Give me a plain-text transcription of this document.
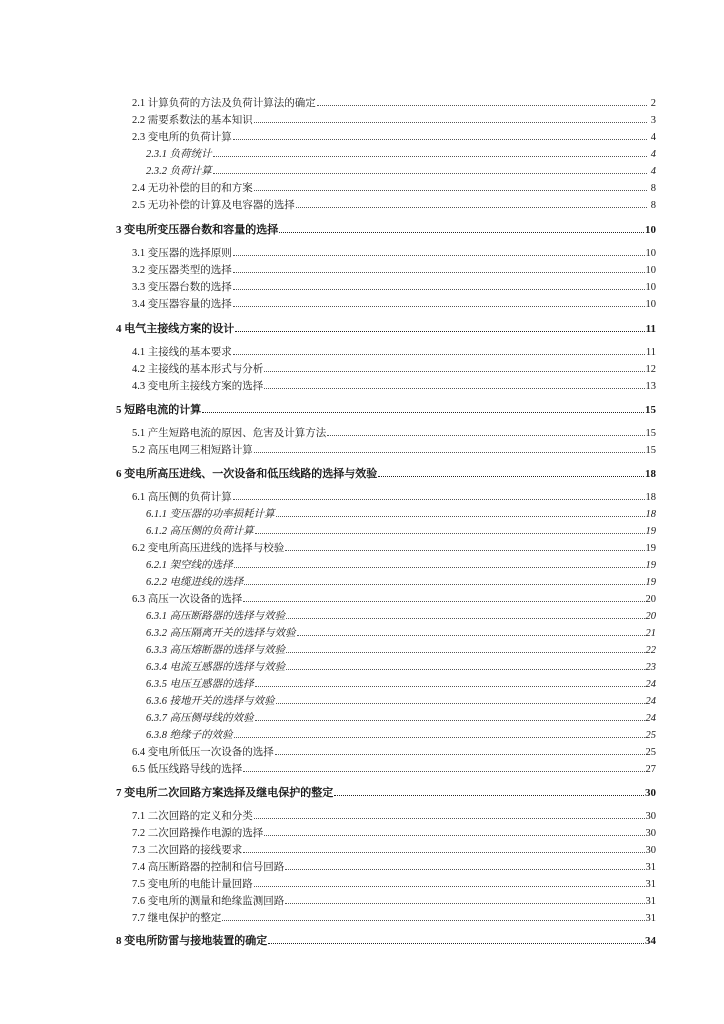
2.1 计算负荷的方法及负荷计算法的确定	2
2.2 需要系数法的基本知识	3
2.3 变电所的负荷计算	4
2.3.1 负荷统计	4
2.3.2 负荷计算	4
2.4 无功补偿的目的和方案	8
2.5 无功补偿的计算及电容器的选择	8
3 变电所变压器台数和容量的选择	10
3.1 变压器的选择原则	10
3.2 变压器类型的选择	10
3.3 变压器台数的选择	10
3.4 变压器容量的选择	10
4 电气主接线方案的设计	11
4.1 主接线的基本要求	11
4.2 主接线的基本形式与分析	12
4.3 变电所主接线方案的选择	13
5 短路电流的计算	15
5.1 产生短路电流的原因、危害及计算方法	15
5.2 高压电网三相短路计算	15
6 变电所高压进线、一次设备和低压线路的选择与效验	18
6.1 高压侧的负荷计算	18
6.1.1 变压器的功率损耗计算	18
6.1.2 高压侧的负荷计算	19
6.2 变电所高压进线的选择与校验	19
6.2.1 架空线的选择	19
6.2.2 电缆进线的选择	19
6.3 高压一次设备的选择	20
6.3.1 高压断路器的选择与效验	20
6.3.2 高压隔离开关的选择与效验	21
6.3.3 高压熔断器的选择与效验	22
6.3.4 电流互感器的选择与效验	23
6.3.5 电压互感器的选择	24
6.3.6 接地开关的选择与效验	24
6.3.7 高压侧母线的效验	24
6.3.8 绝缘子的效验	25
6.4 变电所低压一次设备的选择	25
6.5 低压线路导线的选择	27
7 变电所二次回路方案选择及继电保护的整定	30
7.1 二次回路的定义和分类	30
7.2 二次回路操作电源的选择	30
7.3 二次回路的接线要求	30
7.4 高压断路器的控制和信号回路	31
7.5 变电所的电能计量回路	31
7.6 变电所的测量和绝缘监测回路	31
7.7 继电保护的整定	31
8 变电所防雷与接地装置的确定	34
